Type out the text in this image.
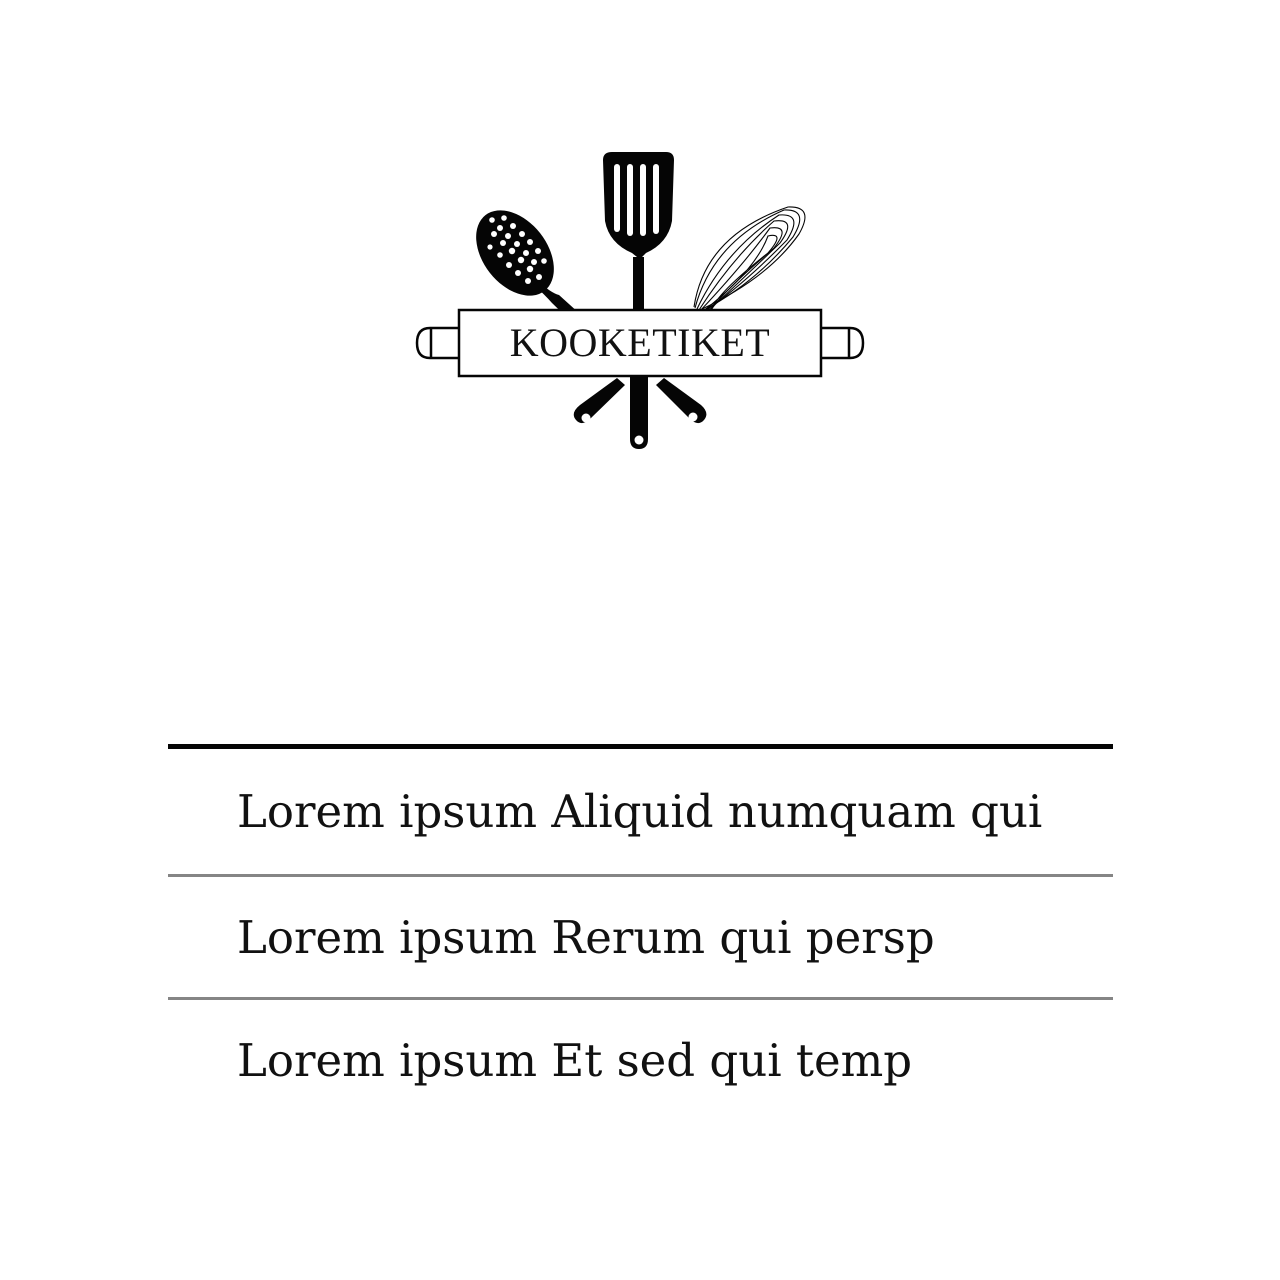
KOOKETIKET
Lorem ipsum Aliquid numquam qui
Lorem ipsum Rerum qui persp
Lorem ipsum Et sed qui temp
